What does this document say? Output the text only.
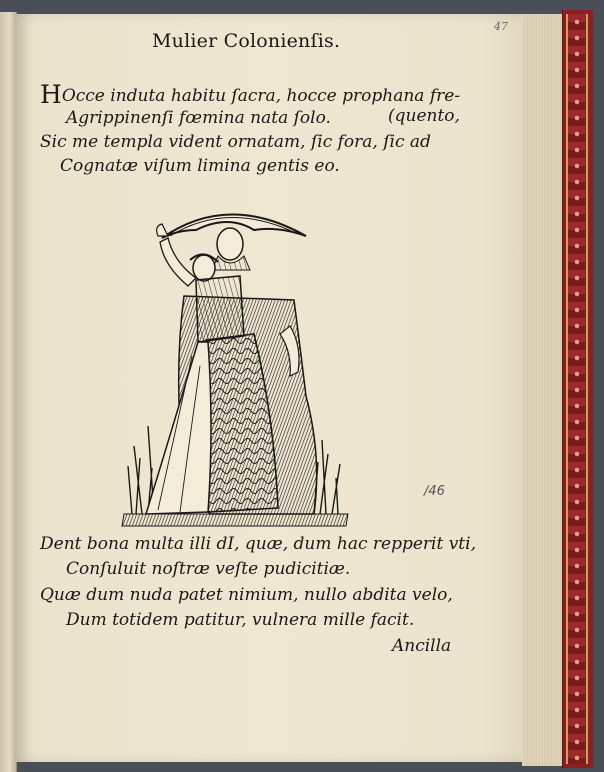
47
Mulier Colonienſis.
HOcce induta habitu ſacra, hocce prophana fre-
Agrippinenſi fœmina nata ſolo.	(quento,
Sic me templa vident ornatam, ſic fora, ſic ad
Cognatæ viſum limina gentis eo.
/46
Dent bona multa illi dI, quæ, dum hac repperit vti,
Conſuluit noſtræ veſte pudicitiæ.
Quæ dum nuda patet nimium, nullo abdita velo,
Dum totidem patitur, vulnera mille facit.
Ancilla
